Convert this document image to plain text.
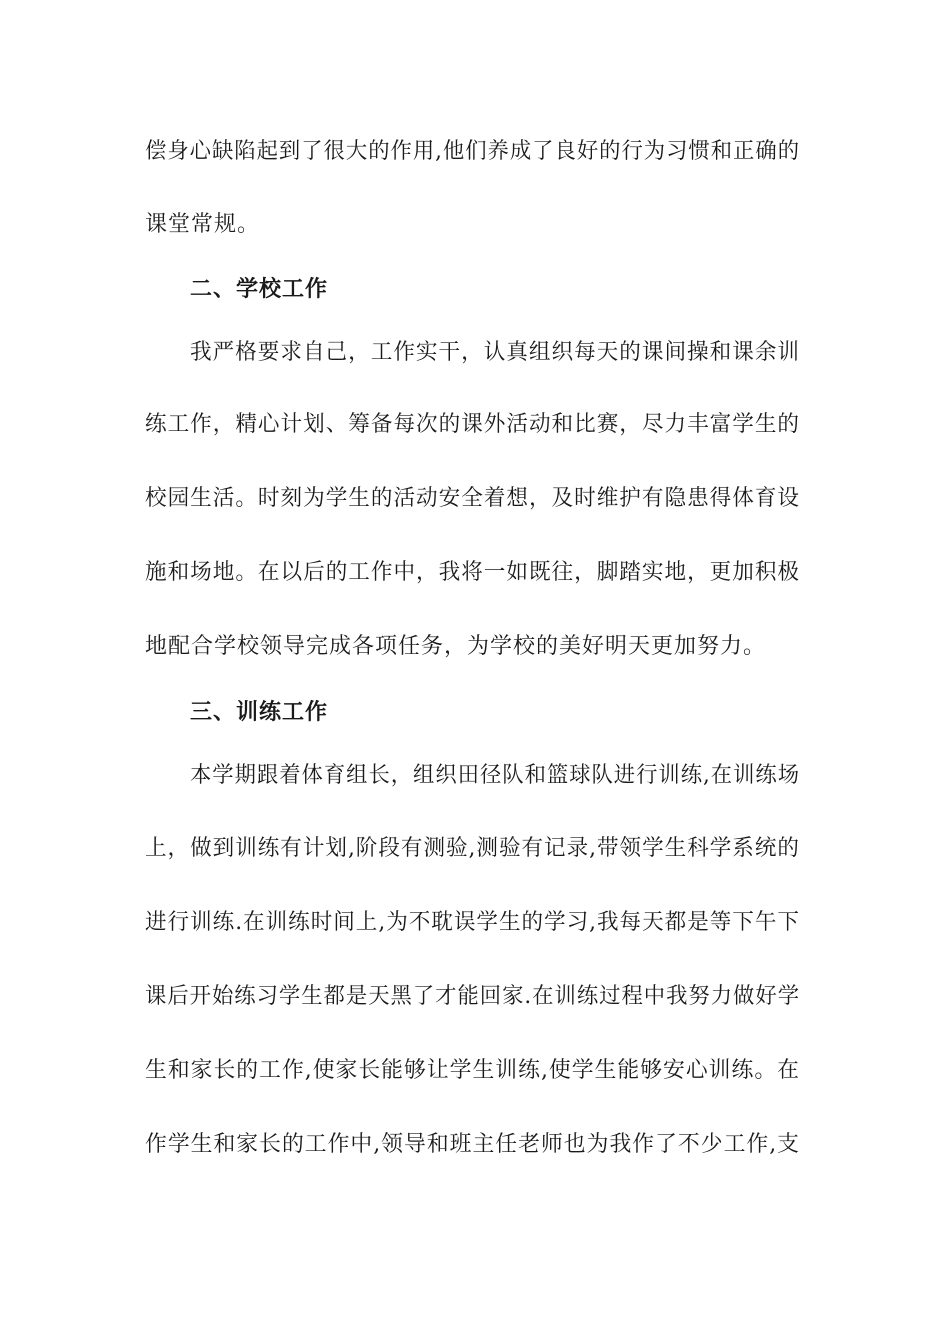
偿身心缺陷起到了很大的作用,他们养成了良好的行为习惯和正确的
课堂常规。
二、学校工作
我严格要求自己，工作实干，认真组织每天的课间操和课余训
练工作，精心计划、筹备每次的课外活动和比赛，尽力丰富学生的
校园生活。时刻为学生的活动安全着想，及时维护有隐患得体育设
施和场地。在以后的工作中，我将一如既往，脚踏实地，更加积极
地配合学校领导完成各项任务，为学校的美好明天更加努力。
三、训练工作
本学期跟着体育组长，组织田径队和篮球队进行训练,在训练场
上，做到训练有计划,阶段有测验,测验有记录,带领学生科学系统的
进行训练.在训练时间上,为不耽误学生的学习,我每天都是等下午下
课后开始练习学生都是天黑了才能回家.在训练过程中我努力做好学
生和家长的工作,使家长能够让学生训练,使学生能够安心训练。在
作学生和家长的工作中,领导和班主任老师也为我作了不少工作,支
